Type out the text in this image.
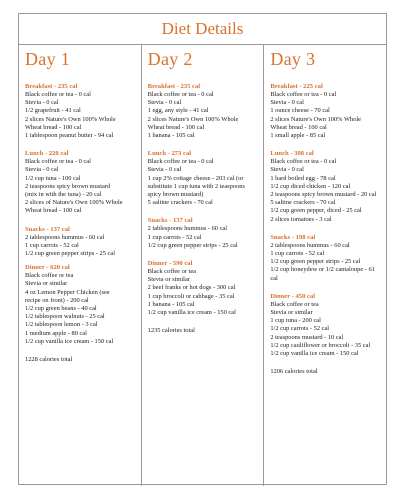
Diet Details
Day 1
Breakfast - 235 cal
Black coffee or tea - 0 cal
Stevia - 0 cal
1/2 grapefruit - 41 cal
2 slices Nature's Own 100% Whole
Wheat bread - 100 cal
1 tablespoon peanut butter - 94 cal
Lunch - 220 cal
Black coffee or tea - 0 cal
Stevia - 0 cal
1/2 cup tuna - 100 cal
2 teaspoons spicy brown mustard
(mix in with the tuna) - 20 cal
2 slices of Nature's Own 100% Whole
Wheat bread - 100 cal
Snacks - 137 cal
2 tablespoons hummus - 60 cal
1 cup carrots - 52 cal
1/2 cup green pepper strips - 25 cal
Dinner - 620 cal
Black coffee or tea
Stevia or similar
4 oz Lemon Pepper Chicken (see
recipe on front) - 200 cal
1/2 cup green beans - 40 cal
1/2 tablespoon walnuts - 25 cal
1/2 tablespoon lemon - 3 cal
1 medium apple - 80 cal
1/2 cup vanilla ice cream - 150 cal
1228 calories total
Day 2
Breakfast - 235 cal
Black coffee or tea - 0 cal
Stevia - 0 cal
1 egg, any style - 41 cal
2 slices Nature's Own 100% Whole
Wheat bread - 100 cal
1 banana - 105 cal
Lunch - 273 cal
Black coffee or tea - 0 cal
Stevia - 0 cal
1 cup 2% cottage cheese - 203 cal (or
substitute 1 cup tuna with 2 teaspoons
spicy brown mustard)
5 saltine crackers - 70 cal
Snacks - 137 cal
2 tablespoons hummus - 60 cal
1 cup carrots - 52 cal
1/2 cup green pepper strips - 25 cal
Dinner - 590 cal
Black coffee or tea
Stevia or similar
2 beef franks or hot dogs - 300 cal
1 cup broccoli or cabbage - 35 cal
1 banana - 105 cal
1/2 cup vanilla ice cream - 150 cal
1235 calories total
Day 3
Breakfast - 225 cal
Black coffee or tea - 0 cal
Stevia - 0 cal
1 ounce cheese - 70 cal
2 slices Nature's Own 100% Whole
Wheat bread - 100 cal
1 small apple - 85 cal
Lunch - 308 cal
Black coffee or tea - 0 cal
Stevia - 0 cal
1 hard boiled egg - 78 cal
1/2 cup diced chicken - 120 cal
2 teaspoons spicy brown mustard - 20 cal
5 saltine crackers - 70 cal
1/2 cup green pepper, diced - 25 cal
2 slices tomatoes - 3 cal
Snacks - 198 cal
2 tablespoons hummus - 60 cal
1 cup carrots - 52 cal
1/2 cup green pepper strips - 25 cal
1/2 cup honeydew or 1/2 cantaloupe - 61 cal
Dinner - 450 cal
Black coffee or tea
Stevia or similar
1 cup tuna - 200 cal
1/2 cup carrots - 52 cal
2 teaspoons mustard - 10 cal
1/2 cup cauliflower or broccoli - 35 cal
1/2 cup vanilla ice cream - 150 cal
1206 calories total
